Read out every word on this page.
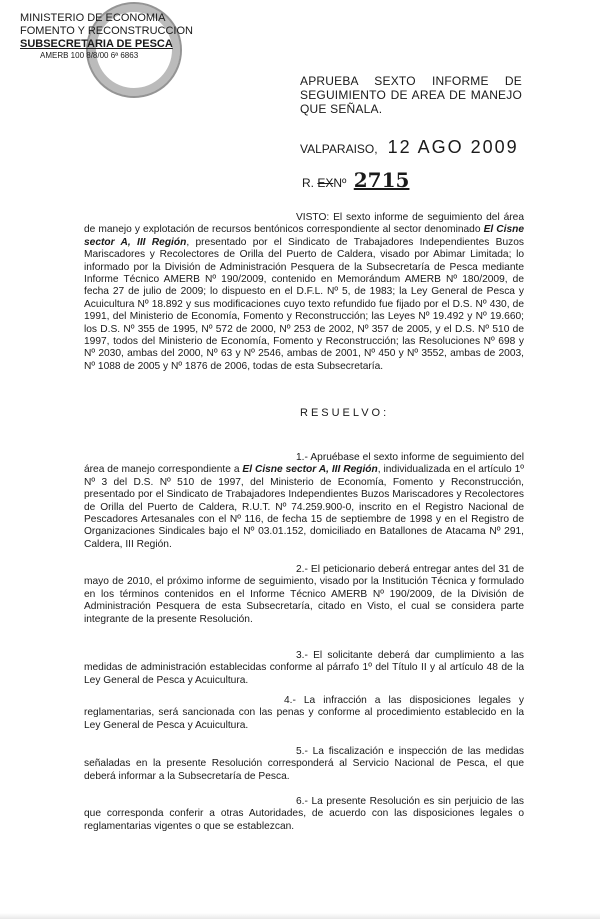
MINISTERIO DE ECONOMIA
FOMENTO Y RECONSTRUCCION
SUBSECRETARIA DE PESCA
AMERB 100 8/8/00 6ª 6863
APRUEBA SEXTO INFORME DE SEGUIMIENTO DE AREA DE MANEJO QUE SEÑALA.
VALPARAISO, 12 AGO 2009
R. EXNº 2715
VISTO: El sexto informe de seguimiento del área de manejo y explotación de recursos bentónicos correspondiente al sector denominado El Cisne sector A, III Región, presentado por el Sindicato de Trabajadores Independientes Buzos Mariscadores y Recolectores de Orilla del Puerto de Caldera, visado por Abimar Limitada; lo informado por la División de Administración Pesquera de la Subsecretaría de Pesca mediante Informe Técnico AMERB Nº 190/2009, contenido en Memorándum AMERB Nº 180/2009, de fecha 27 de julio de 2009; lo dispuesto en el D.F.L. Nº 5, de 1983; la Ley General de Pesca y Acuicultura Nº 18.892 y sus modificaciones cuyo texto refundido fue fijado por el D.S. Nº 430, de 1991, del Ministerio de Economía, Fomento y Reconstrucción; las Leyes Nº 19.492 y Nº 19.660; los D.S. Nº 355 de 1995, Nº 572 de 2000, Nº 253 de 2002, Nº 357 de 2005, y el D.S. Nº 510 de 1997, todos del Ministerio de Economía, Fomento y Reconstrucción; las Resoluciones Nº 698 y Nº 2030, ambas del 2000, Nº 63 y Nº 2546, ambas de 2001, Nº 450 y Nº 3552, ambas de 2003, Nº 1088 de 2005 y Nº 1876 de 2006, todas de esta Subsecretaría.
RESUELVO:
1.- Apruébase el sexto informe de seguimiento del área de manejo correspondiente a El Cisne sector A, III Región, individualizada en el artículo 1º Nº 3 del D.S. Nº 510 de 1997, del Ministerio de Economía, Fomento y Reconstrucción, presentado por el Sindicato de Trabajadores Independientes Buzos Mariscadores y Recolectores de Orilla del Puerto de Caldera, R.U.T. Nº 74.259.900-0, inscrito en el Registro Nacional de Pescadores Artesanales con el Nº 116, de fecha 15 de septiembre de 1998 y en el Registro de Organizaciones Sindicales bajo el Nº 03.01.152, domiciliado en Batallones de Atacama Nº 291, Caldera, III Región.
2.- El peticionario deberá entregar antes del 31 de mayo de 2010, el próximo informe de seguimiento, visado por la Institución Técnica y formulado en los términos contenidos en el Informe Técnico AMERB Nº 190/2009, de la División de Administración Pesquera de esta Subsecretaría, citado en Visto, el cual se considera parte integrante de la presente Resolución.
3.- El solicitante deberá dar cumplimiento a las medidas de administración establecidas conforme al párrafo 1º del Título II y al artículo 48 de la Ley General de Pesca y Acuicultura.
4.- La infracción a las disposiciones legales y reglamentarias, será sancionada con las penas y conforme al procedimiento establecido en la Ley General de Pesca y Acuicultura.
5.- La fiscalización e inspección de las medidas señaladas en la presente Resolución corresponderá al Servicio Nacional de Pesca, el que deberá informar a la Subsecretaría de Pesca.
6.- La presente Resolución es sin perjuicio de las que corresponda conferir a otras Autoridades, de acuerdo con las disposiciones legales o reglamentarias vigentes o que se establezcan.
